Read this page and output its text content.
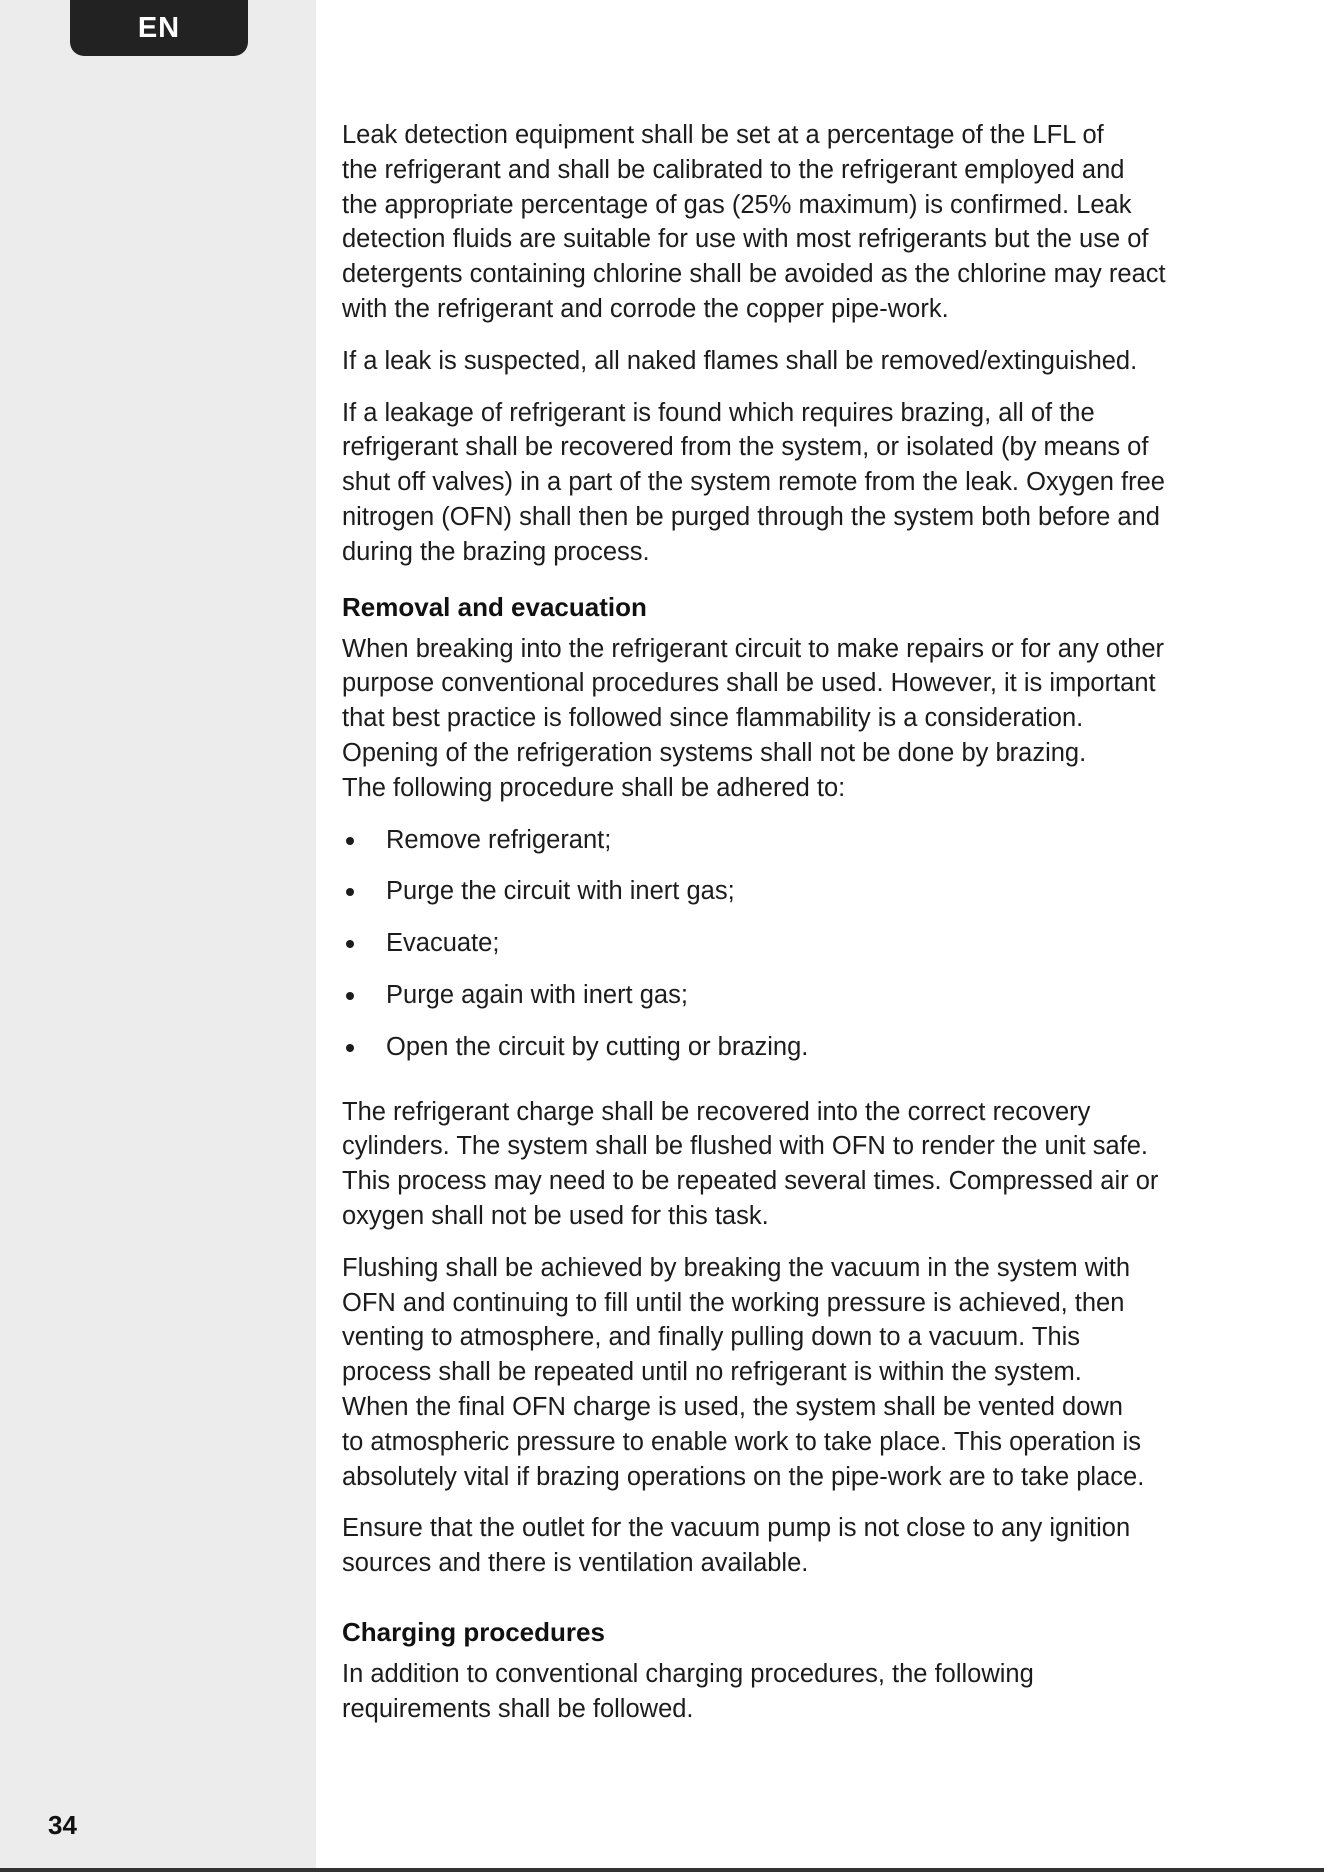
EN
34

Leak detection equipment shall be set at a percentage of the LFL of
the refrigerant and shall be calibrated to the refrigerant employed and
the appropriate percentage of gas (25% maximum) is confirmed. Leak
detection fluids are suitable for use with most refrigerants but the use of
detergents containing chlorine shall be avoided as the chlorine may react
with the refrigerant and corrode the copper pipe-work.

If a leak is suspected, all naked flames shall be removed/extinguished.

If a leakage of refrigerant is found which requires brazing, all of the
refrigerant shall be recovered from the system, or isolated (by means of
shut off valves) in a part of the system remote from the leak. Oxygen free
nitrogen (OFN) shall then be purged through the system both before and
during the brazing process.

Removal and evacuation

When breaking into the refrigerant circuit to make repairs or for any other
purpose conventional procedures shall be used. However, it is important
that best practice is followed since flammability is a consideration.
Opening of the refrigeration systems shall not be done by brazing.
The following procedure shall be adhered to:

Remove refrigerant;
Purge the circuit with inert gas;
Evacuate;
Purge again with inert gas;
Open the circuit by cutting or brazing.

The refrigerant charge shall be recovered into the correct recovery
cylinders. The system shall be flushed with OFN to render the unit safe.
This process may need to be repeated several times. Compressed air or
oxygen shall not be used for this task.

Flushing shall be achieved by breaking the vacuum in the system with
OFN and continuing to fill until the working pressure is achieved, then
venting to atmosphere, and finally pulling down to a vacuum. This
process shall be repeated until no refrigerant is within the system.
When the final OFN charge is used, the system shall be vented down
to atmospheric pressure to enable work to take place. This operation is
absolutely vital if brazing operations on the pipe-work are to take place.

Ensure that the outlet for the vacuum pump is not close to any ignition
sources and there is ventilation available.

Charging procedures

In addition to conventional charging procedures, the following
requirements shall be followed.
